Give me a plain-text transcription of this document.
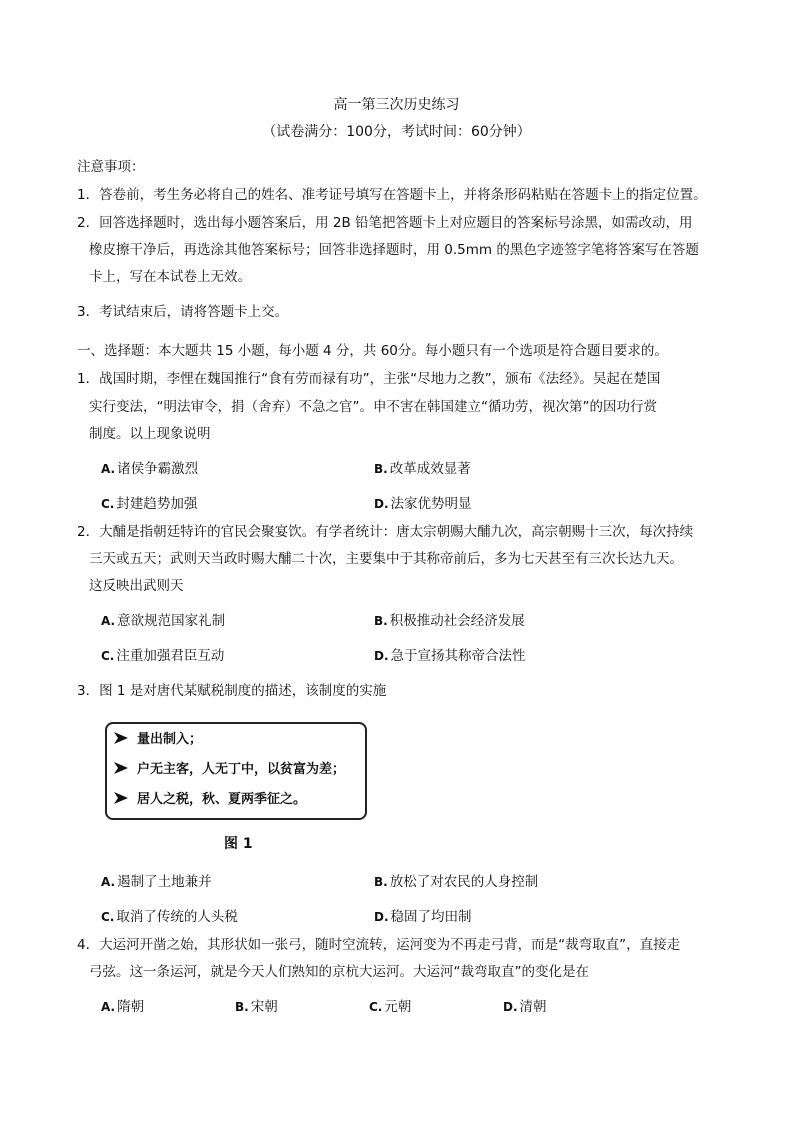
高一第三次历史练习
（试卷满分：100分，考试时间：60分钟）
注意事项：
1．答卷前，考生务必将自己的姓名、准考证号填写在答题卡上，并将条形码粘贴在答题卡上的指定位置。
2．回答选择题时，选出每小题答案后，用 2B 铅笔把答题卡上对应题目的答案标号涂黑，如需改动，用
橡皮擦干净后，再选涂其他答案标号；回答非选择题时，用 0.5mm 的黑色字迹签字笔将答案写在答题
卡上，写在本试卷上无效。
3．考试结束后，请将答题卡上交。
一、选择题：本大题共 15 小题，每小题 4 分，共 60分。每小题只有一个选项是符合题目要求的。
1．战国时期，李悝在魏国推行“食有劳而禄有功”，主张“尽地力之教”，颁布《法经》。吴起在楚国
实行变法，“明法审令，捐（舍弃）不急之官”。申不害在韩国建立“循功劳，视次第”的因功行赏
制度。以上现象说明
A. 诸侯争霸激烈	B. 改革成效显著
C. 封建趋势加强	D. 法家优势明显
2．大酺是指朝廷特许的官民会聚宴饮。有学者统计：唐太宗朝赐大酺九次，高宗朝赐十三次，每次持续
三天或五天；武则天当政时赐大酺二十次，主要集中于其称帝前后，多为七天甚至有三次长达九天。
这反映出武则天
A. 意欲规范国家礼制	B. 积极推动社会经济发展
C. 注重加强君臣互动	D. 急于宣扬其称帝合法性
3．图 1 是对唐代某赋税制度的描述，该制度的实施
量出制入；
户无主客，人无丁中，以贫富为差；
居人之税，秋、夏两季征之。
图 1
A. 遏制了土地兼并	B. 放松了对农民的人身控制
C. 取消了传统的人头税	D. 稳固了均田制
4．大运河开凿之始，其形状如一张弓，随时空流转，运河变为不再走弓背，而是“裁弯取直”，直接走
弓弦。这一条运河，就是今天人们熟知的京杭大运河。大运河“裁弯取直”的变化是在
A. 隋朝	B. 宋朝	C. 元朝	D. 清朝
